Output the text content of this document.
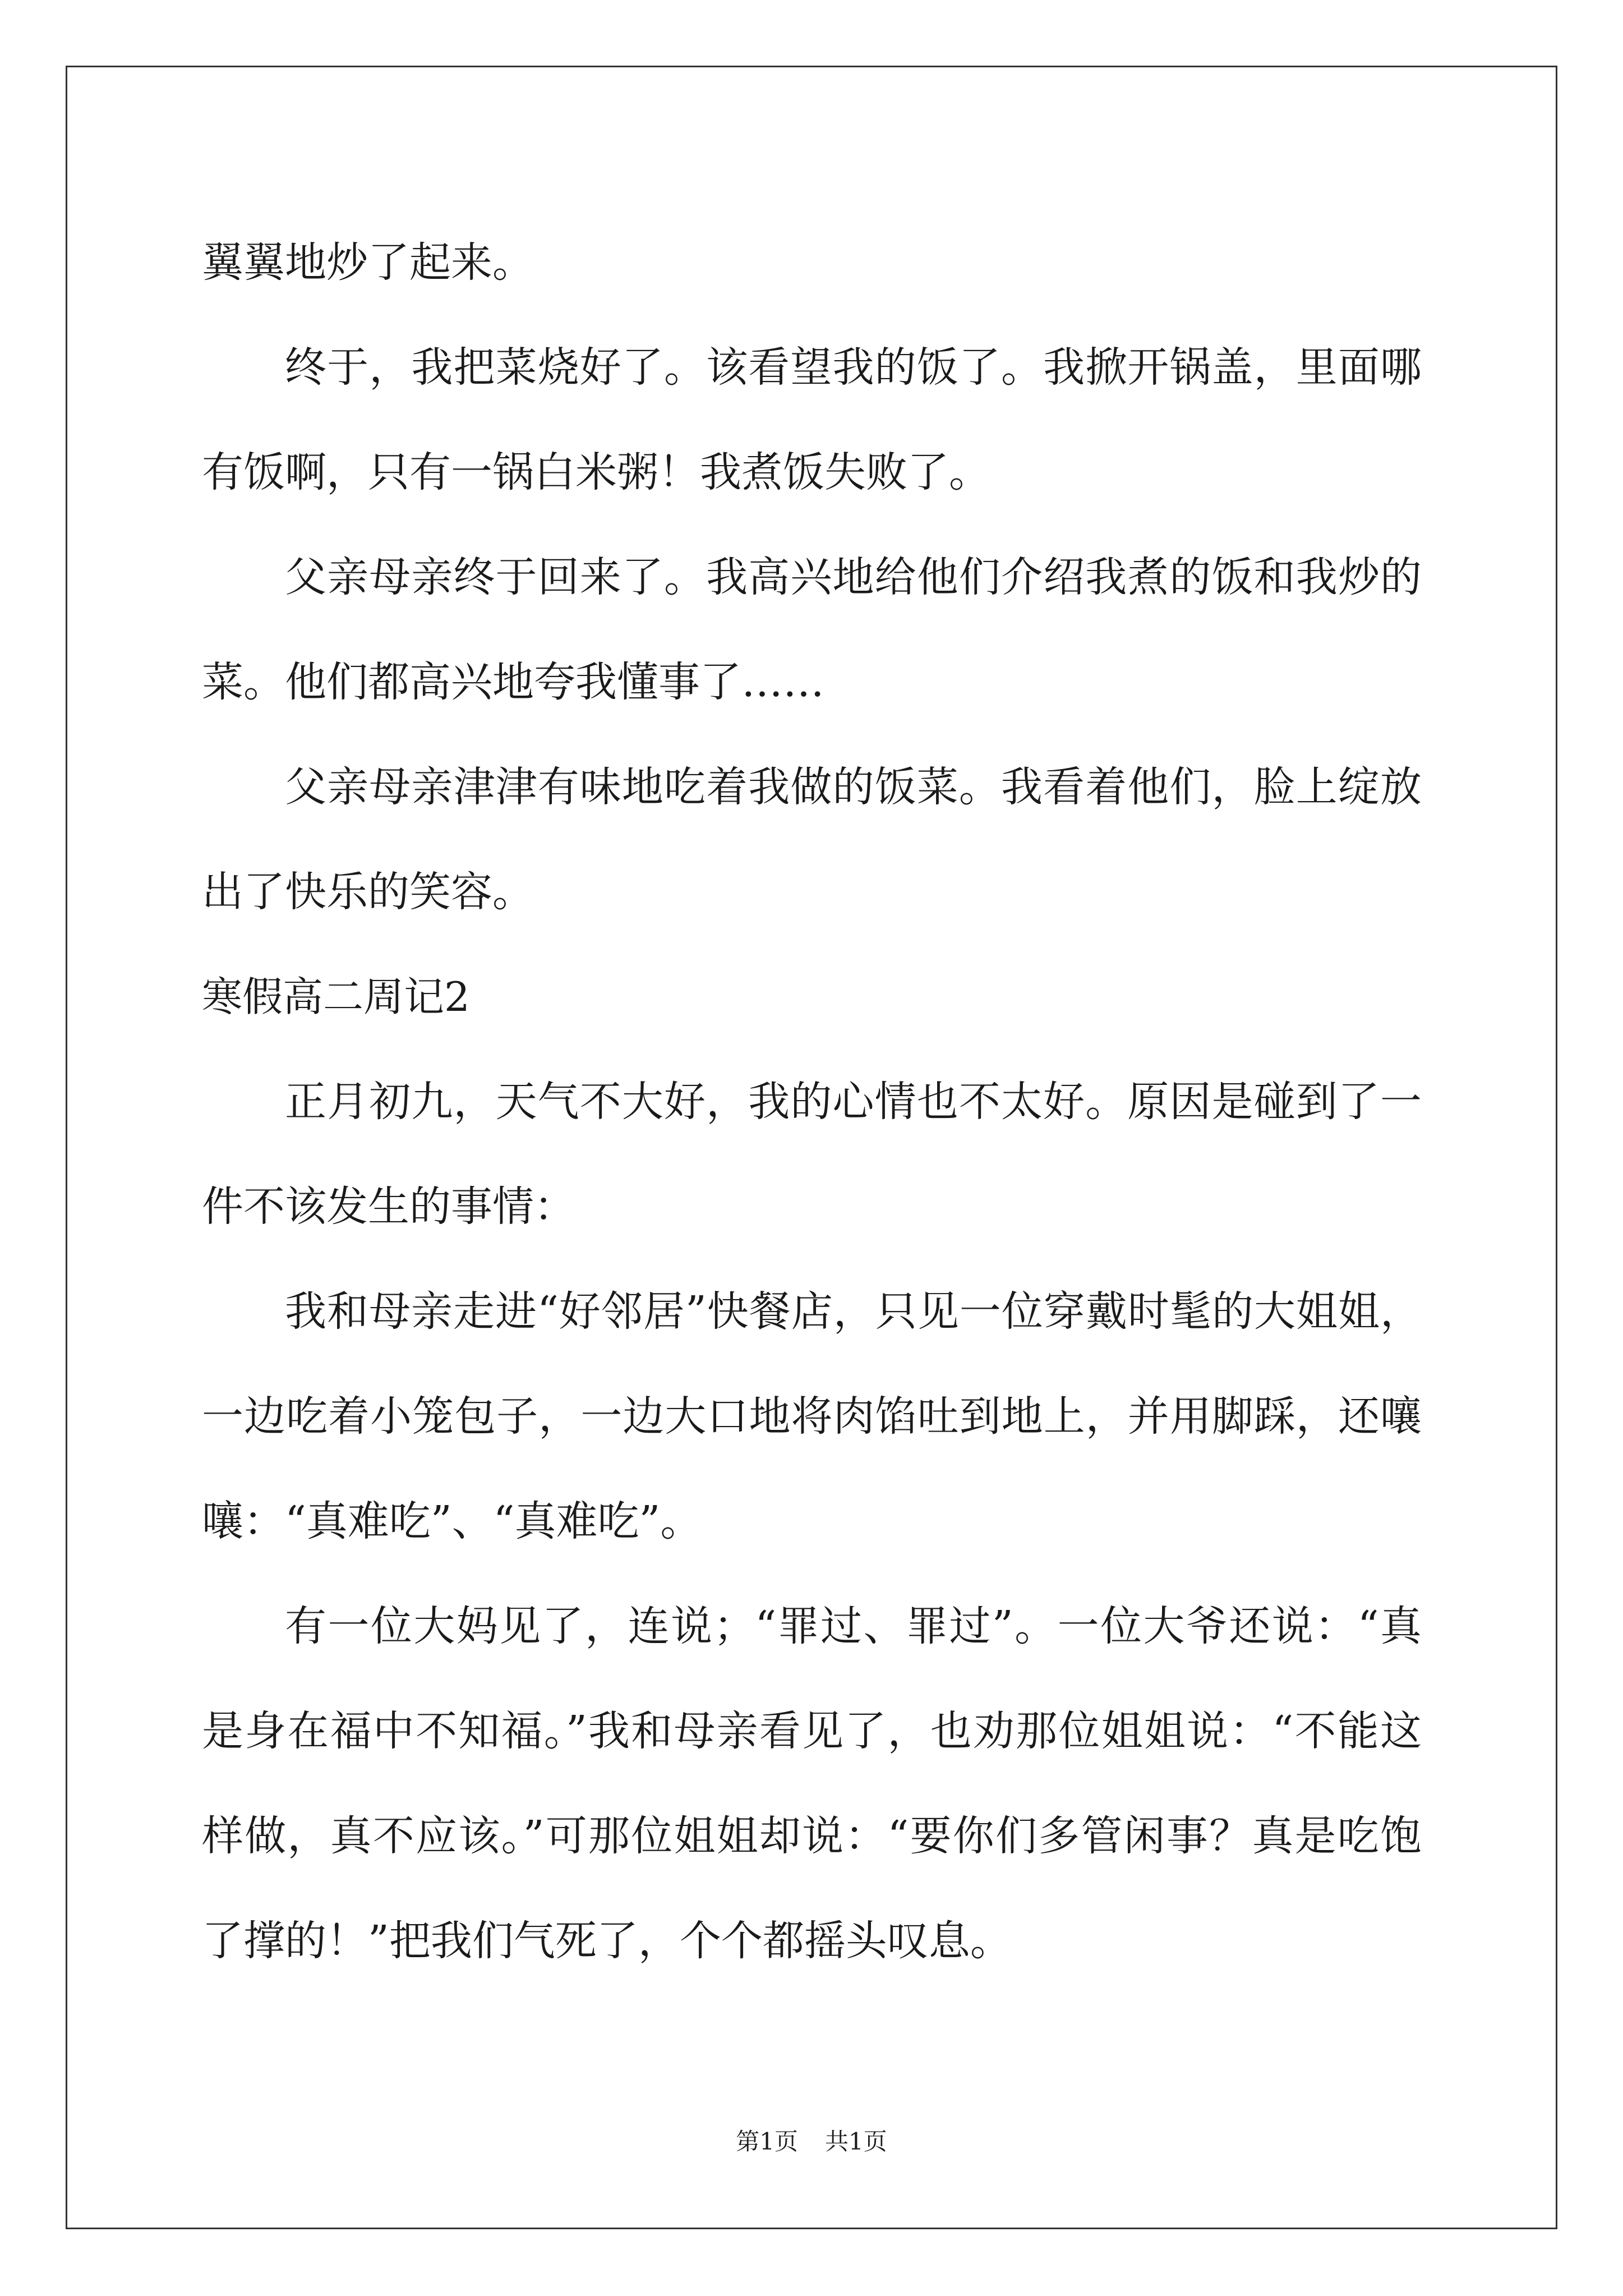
翼翼地炒了起来。

终于，我把菜烧好了。该看望我的饭了。我掀开锅盖，里面哪有饭啊，只有一锅白米粥！我煮饭失败了。

父亲母亲终于回来了。我高兴地给他们介绍我煮的饭和我炒的菜。他们都高兴地夸我懂事了……

父亲母亲津津有味地吃着我做的饭菜。我看着他们，脸上绽放出了快乐的笑容。

寒假高二周记2

正月初九，天气不大好，我的心情也不太好。原因是碰到了一件不该发生的事情：

我和母亲走进“好邻居”快餐店，只见一位穿戴时髦的大姐姐，一边吃着小笼包子，一边大口地将肉馅吐到地上，并用脚踩，还嚷嚷：“真难吃”、“真难吃”。

有一位大妈见了，连说；“罪过、罪过”。一位大爷还说：“真是身在福中不知福。”我和母亲看见了，也劝那位姐姐说：“不能这样做，真不应该。”可那位姐姐却说：“要你们多管闲事？真是吃饱了撑的！”把我们气死了，个个都摇头叹息。

第1页 共1页
